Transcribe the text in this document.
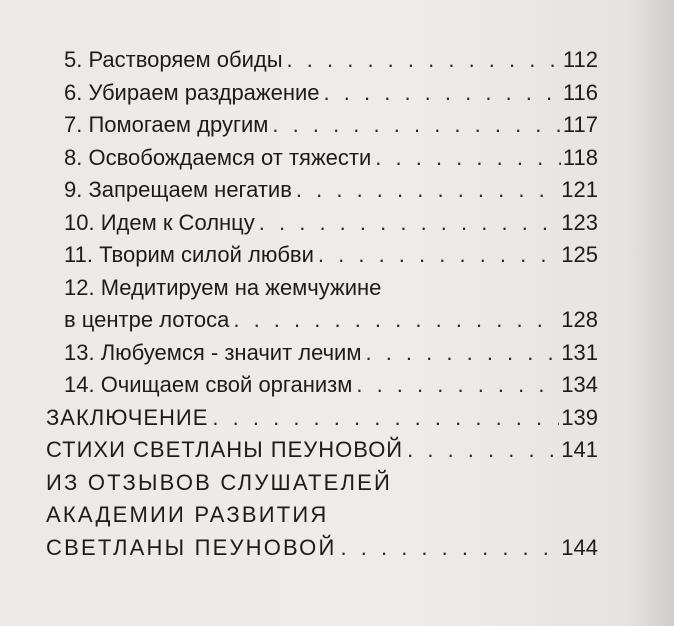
5. Растворяем обиды . . .	112
6. Убираем раздражение . . .	116
7. Помогаем другим . . .	117
8. Освобождаемся от тяжести . . .	118
9. Запрещаем негатив . . .	121
10. Идем к Солнцу . . .	123
11. Творим силой любви . . .	125
12. Медитируем на жемчужине
в центре лотоса . . .	128
13. Любуемся - значит лечим . . .	131
14. Очищаем свой организм . . .	134
ЗАКЛЮЧЕНИЕ . . .	139
СТИХИ СВЕТЛАНЫ ПЕУНОВОЙ . . .	141
ИЗ ОТЗЫВОВ СЛУШАТЕЛЕЙ
АКАДЕМИИ РАЗВИТИЯ
СВЕТЛАНЫ ПЕУНОВОЙ . . .	144
